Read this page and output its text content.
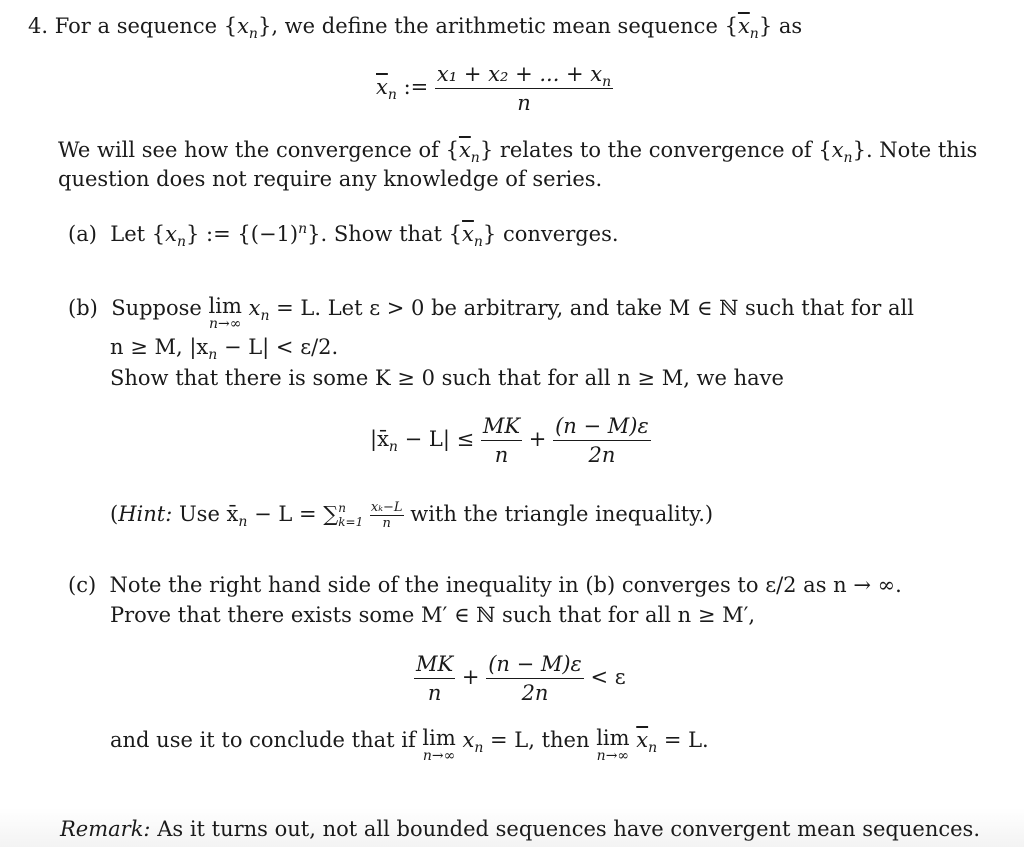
4. For a sequence $\{x_n\}$, we define the arithmetic mean sequence $\{\overline{x}_n\}$ as
$\overline{x}_n$ := $\frac{x_1 + x_2 + ... + x_n}{n}$
We will see how the convergence of $\{\overline{x}_n\}$ relates to the convergence of $\{x_n\}$. Note this
question does not require any knowledge of series.
(a) Let $\{x_n\}$ := $\{(-1)^n\}$. Show that $\{\overline{x}_n\}$ converges.
(b) Suppose lim
n→∞
$x_n = L$. Let ε > 0 be arbitrary, and take M ∈ ℕ such that for all
n ≥ M, $|x_n - L| < \varepsilon/2$.
Show that there is some K ≥ 0 such that for all n ≥ M, we have
$|x̄_n - L| \le \frac{MK}{n} + \frac{(n - M)\varepsilon}{2n}$
(Hint: Use $x̄_n - L$ = ∑ n
k=1
$\frac{\text{xₖ−L}}{n}$ with the triangle inequality.)
(c) Note the right hand side of the inequality in (b) converges to ε/2 as n → ∞.
Prove that there exists some M′ ∈ ℕ such that for all n ≥ M′,
$\frac{MK}{n} + \frac{(n - M)\varepsilon}{2n} < \varepsilon$
and use it to conclude that if lim
n→∞
$x_n = L$, then lim
n→∞
$\overline{x}_n = L$.
Remark: As it turns out, not all bounded sequences have convergent mean sequences.
